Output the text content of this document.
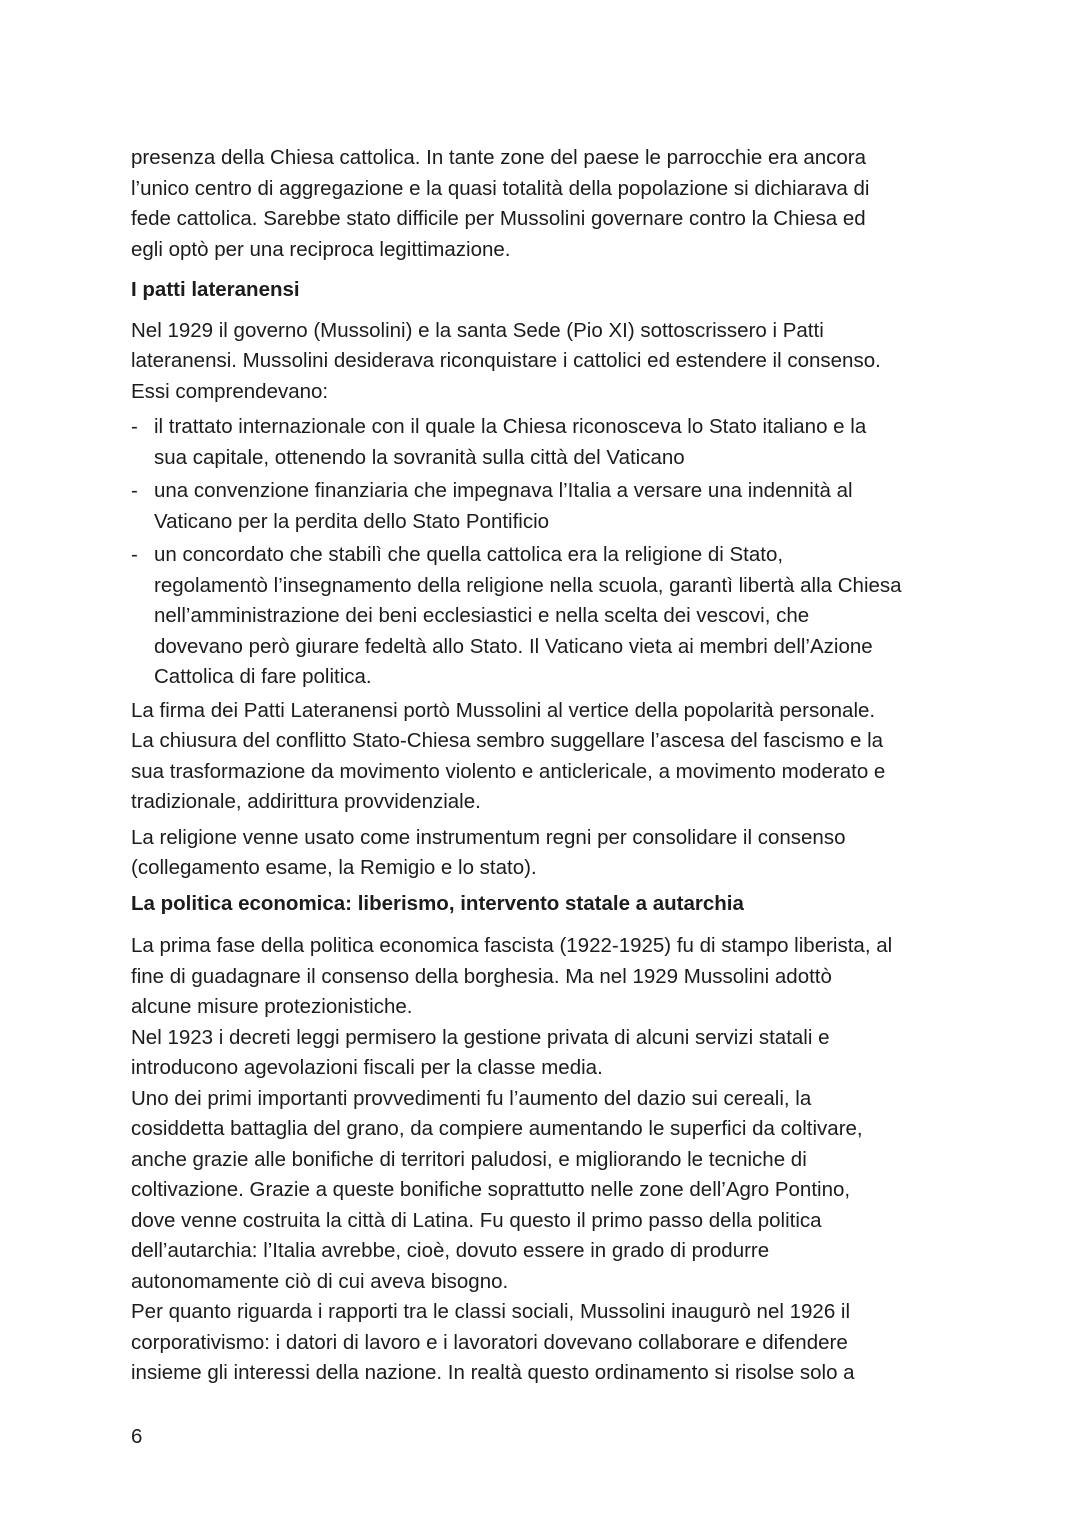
presenza della Chiesa cattolica. In tante zone del paese le parrocchie era ancora

l’unico centro di aggregazione e la quasi totalità della popolazione si dichiarava di

fede cattolica. Sarebbe stato difficile per Mussolini governare contro la Chiesa ed

egli optò per una reciproca legittimazione.

I patti lateranensi

Nel 1929 il governo (Mussolini) e la santa Sede (Pio XI) sottoscrissero i Patti

lateranensi. Mussolini desiderava riconquistare i cattolici ed estendere il consenso.

Essi comprendevano:

- il trattato internazionale con il quale la Chiesa riconosceva lo Stato italiano e la

sua capitale, ottenendo la sovranità sulla città del Vaticano

- una convenzione finanziaria che impegnava l’Italia a versare una indennità al

Vaticano per la perdita dello Stato Pontificio

- un concordato che stabilì che quella cattolica era la religione di Stato,

regolamentò l’insegnamento della religione nella scuola, garantì libertà alla Chiesa

nell’amministrazione dei beni ecclesiastici e nella scelta dei vescovi, che

dovevano però giurare fedeltà allo Stato. Il Vaticano vieta ai membri dell’Azione

Cattolica di fare politica.

La firma dei Patti Lateranensi portò Mussolini al vertice della popolarità personale.

La chiusura del conflitto Stato-Chiesa sembro suggellare l’ascesa del fascismo e la

sua trasformazione da movimento violento e anticlericale, a movimento moderato e

tradizionale, addirittura provvidenziale.

La religione venne usato come instrumentum regni per consolidare il consenso

(collegamento esame, la Remigio e lo stato).

La politica economica: liberismo, intervento statale a autarchia

La prima fase della politica economica fascista (1922-1925) fu di stampo liberista, al

fine di guadagnare il consenso della borghesia. Ma nel 1929 Mussolini adottò

alcune misure protezionistiche.

Nel 1923 i decreti leggi permisero la gestione privata di alcuni servizi statali e

introducono agevolazioni fiscali per la classe media.

Uno dei primi importanti provvedimenti fu l’aumento del dazio sui cereali, la

cosiddetta battaglia del grano, da compiere aumentando le superfici da coltivare,

anche grazie alle bonifiche di territori paludosi, e migliorando le tecniche di

coltivazione. Grazie a queste bonifiche soprattutto nelle zone dell’Agro Pontino,

dove venne costruita la città di Latina. Fu questo il primo passo della politica

dell’autarchia: l’Italia avrebbe, cioè, dovuto essere in grado di produrre

autonomamente ciò di cui aveva bisogno.

Per quanto riguarda i rapporti tra le classi sociali, Mussolini inaugurò nel 1926 il

corporativismo: i datori di lavoro e i lavoratori dovevano collaborare e difendere

insieme gli interessi della nazione. In realtà questo ordinamento si risolse solo a

6
